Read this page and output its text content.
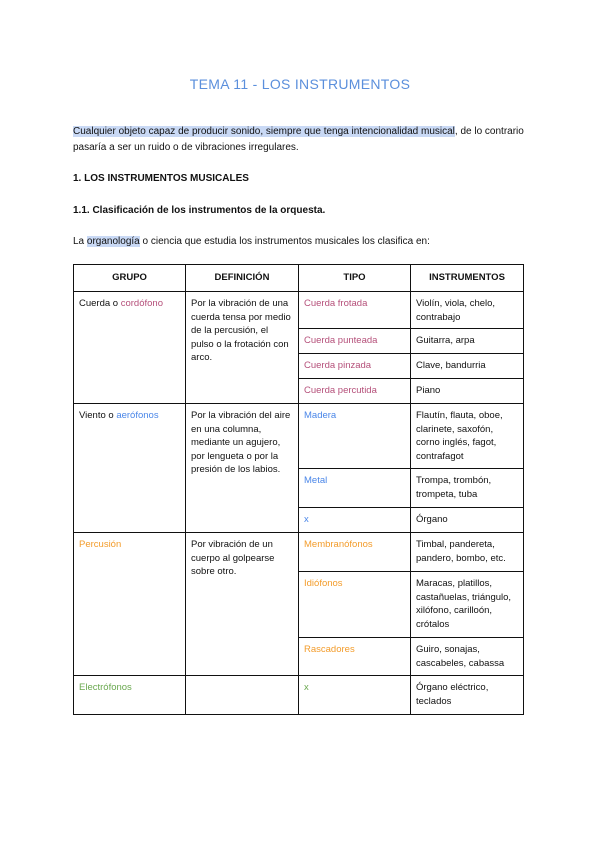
TEMA 11 - LOS INSTRUMENTOS
Cualquier objeto capaz de producir sonido, siempre que tenga intencionalidad musical, de lo contrario pasaría a ser un ruido o de vibraciones irregulares.
1. LOS INSTRUMENTOS MUSICALES
1.1. Clasificación de los instrumentos de la orquesta.
La organología o ciencia que estudia los instrumentos musicales los clasifica en:
GRUPO	DEFINICIÓN	TIPO	INSTRUMENTOS
Cuerda o cordófono	Por la vibración de una cuerda tensa por medio de la percusión, el pulso o la frotación con arco.	Cuerda frotada	Violín, viola, chelo, contrabajo
		Cuerda punteada	Guitarra, arpa
		Cuerda pinzada	Clave, bandurria
		Cuerda percutida	Piano
Viento o aerófonos	Por la vibración del aire en una columna, mediante un agujero, por lengueta o por la presión de los labios.	Madera	Flautín, flauta, oboe, clarinete, saxofón, corno inglés, fagot, contrafagot
		Metal	Trompa, trombón, trompeta, tuba
		x	Órgano
Percusión	Por vibración de un cuerpo al golpearse sobre otro.	Membranófonos	Timbal, pandereta, pandero, bombo, etc.
		Idiófonos	Maracas, platillos, castañuelas, triángulo, xilófono, carilloón, crótalos
		Rascadores	Guiro, sonajas, cascabeles, cabassa
Electrófonos		x	Órgano eléctrico, teclados
